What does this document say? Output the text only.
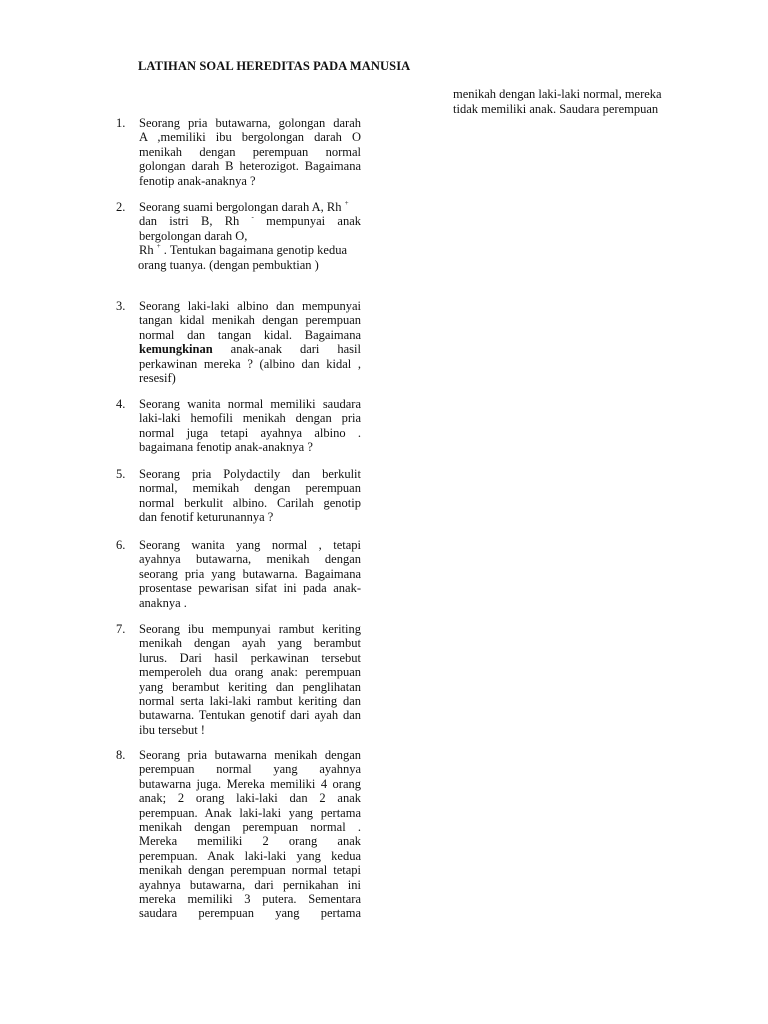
LATIHAN SOAL HEREDITAS PADA MANUSIA
menikah dengan laki-laki normal, mereka
tidak memiliki anak. Saudara perempuan
1. Seorang pria butawarna, golongan darah
A ,memiliki ibu bergolongan darah O
menikah dengan perempuan normal
golongan darah B heterozigot. Bagaimana
fenotip anak-anaknya ?
2. Seorang suami bergolongan darah A, Rh +
dan istri B, Rh - mempunyai anak
bergolongan darah O,
Rh + . Tentukan bagaimana genotip kedua
orang tuanya. (dengan pembuktian )
3. Seorang laki-laki albino dan mempunyai
tangan kidal menikah dengan perempuan
normal dan tangan kidal. Bagaimana
kemungkinan anak-anak dari hasil
perkawinan mereka ? (albino dan kidal ,
resesif)
4. Seorang wanita normal memiliki saudara
laki-laki hemofili menikah dengan pria
normal juga tetapi ayahnya albino .
bagaimana fenotip anak-anaknya ?
5. Seorang pria Polydactily dan berkulit
normal, memikah dengan perempuan
normal berkulit albino. Carilah genotip
dan fenotif keturunannya ?
6. Seorang wanita yang normal , tetapi
ayahnya butawarna, menikah dengan
seorang pria yang butawarna. Bagaimana
prosentase pewarisan sifat ini pada anak-
anaknya .
7. Seorang ibu mempunyai rambut keriting
menikah dengan ayah yang berambut
lurus. Dari hasil perkawinan tersebut
memperoleh dua orang anak: perempuan
yang berambut keriting dan penglihatan
normal serta laki-laki rambut keriting dan
butawarna. Tentukan genotif dari ayah dan
ibu tersebut !
8. Seorang pria butawarna menikah dengan
perempuan normal yang ayahnya
butawarna juga. Mereka memiliki 4 orang
anak; 2 orang laki-laki dan 2 anak
perempuan. Anak laki-laki yang pertama
menikah dengan perempuan normal .
Mereka memiliki 2 orang anak
perempuan. Anak laki-laki yang kedua
menikah dengan perempuan normal tetapi
ayahnya butawarna, dari pernikahan ini
mereka memiliki 3 putera. Sementara
saudara perempuan yang pertama
